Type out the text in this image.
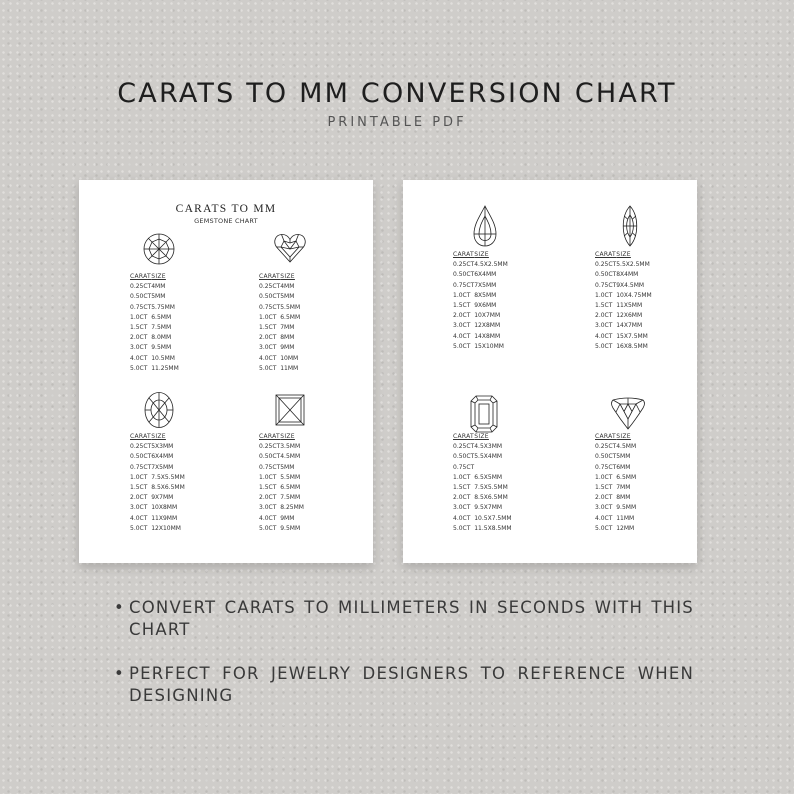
CARATS TO MM CONVERSION CHART
PRINTABLE PDF
CARATS TO MM
GEMSTONE CHART
CARAT	SIZE
0.25CT	4MM
0.50CT	5MM
0.75CT	5.75MM
1.0CT	6.5MM
1.5CT	7.5MM
2.0CT	8.0MM
3.0CT	9.5MM
4.0CT	10.5MM
5.0CT	11.25MM
CARAT	SIZE
0.25CT	4MM
0.50CT	5MM
0.75CT	5.5MM
1.0CT	6.5MM
1.5CT	7MM
2.0CT	8MM
3.0CT	9MM
4.0CT	10MM
5.0CT	11MM
CARAT	SIZE
0.25CT	5X3MM
0.50CT	6X4MM
0.75CT	7X5MM
1.0CT	7.5X5.5MM
1.5CT	8.5X6.5MM
2.0CT	9X7MM
3.0CT	10X8MM
4.0CT	11X9MM
5.0CT	12X10MM
CARAT	SIZE
0.25CT	3.5MM
0.50CT	4.5MM
0.75CT	5MM
1.0CT	5.5MM
1.5CT	6.5MM
2.0CT	7.5MM
3.0CT	8.25MM
4.0CT	9MM
5.0CT	9.5MM
CARAT	SIZE
0.25CT	4.5X2.5MM
0.50CT	6X4MM
0.75CT	7X5MM
1.0CT	8X5MM
1.5CT	9X6MM
2.0CT	10X7MM
3.0CT	12X8MM
4.0CT	14X8MM
5.0CT	15X10MM
CARAT	SIZE
0.25CT	5.5X2.5MM
0.50CT	8X4MM
0.75CT	9X4.5MM
1.0CT	10X4.75MM
1.5CT	11X5MM
2.0CT	12X6MM
3.0CT	14X7MM
4.0CT	15X7.5MM
5.0CT	16X8.5MM
CARAT	SIZE
0.25CT	4.5X3MM
0.50CT	5.5X4MM
0.75CT	
1.0CT	6.5X5MM
1.5CT	7.5X5.5MM
2.0CT	8.5X6.5MM
3.0CT	9.5X7MM
4.0CT	10.5X7.5MM
5.0CT	11.5X8.5MM
CARAT	SIZE
0.25CT	4.5MM
0.50CT	5MM
0.75CT	6MM
1.0CT	6.5MM
1.5CT	7MM
2.0CT	8MM
3.0CT	9.5MM
4.0CT	11MM
5.0CT	12MM
• CONVERT CARATS TO MILLIMETERS IN SECONDS WITH THIS CHART
• PERFECT FOR JEWELRY DESIGNERS TO REFERENCE WHEN DESIGNING
